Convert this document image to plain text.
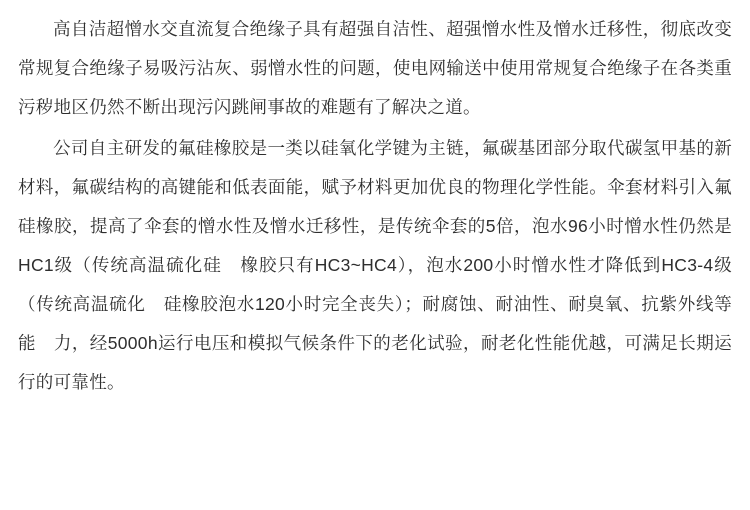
高自洁超憎水交直流复合绝缘子具有超强自洁性、超强憎水性及憎水迁移性，彻底改变常规复合绝缘子易吸污沾灰、弱憎水性的问题，使电网输送中使用常规复合绝缘子在各类重污秽地区仍然不断出现污闪跳闸事故的难题有了解决之道。

公司自主研发的氟硅橡胶是一类以硅氧化学键为主链，氟碳基团部分取代碳氢甲基的新材料，氟碳结构的高键能和低表面能，赋予材料更加优良的物理化学性能。伞套材料引入氟硅橡胶，提高了伞套的憎水性及憎水迁移性，是传统伞套的5倍，泡水96小时憎水性仍然是HC1级（传统高温硫化硅　橡胶只有HC3~HC4），泡水200小时憎水性才降低到HC3-4级（传统高温硫化　硅橡胶泡水120小时完全丧失）；耐腐蚀、耐油性、耐臭氧、抗紫外线等能　力，经5000h运行电压和模拟气候条件下的老化试验，耐老化性能优越，可满足长期运行的可靠性。
